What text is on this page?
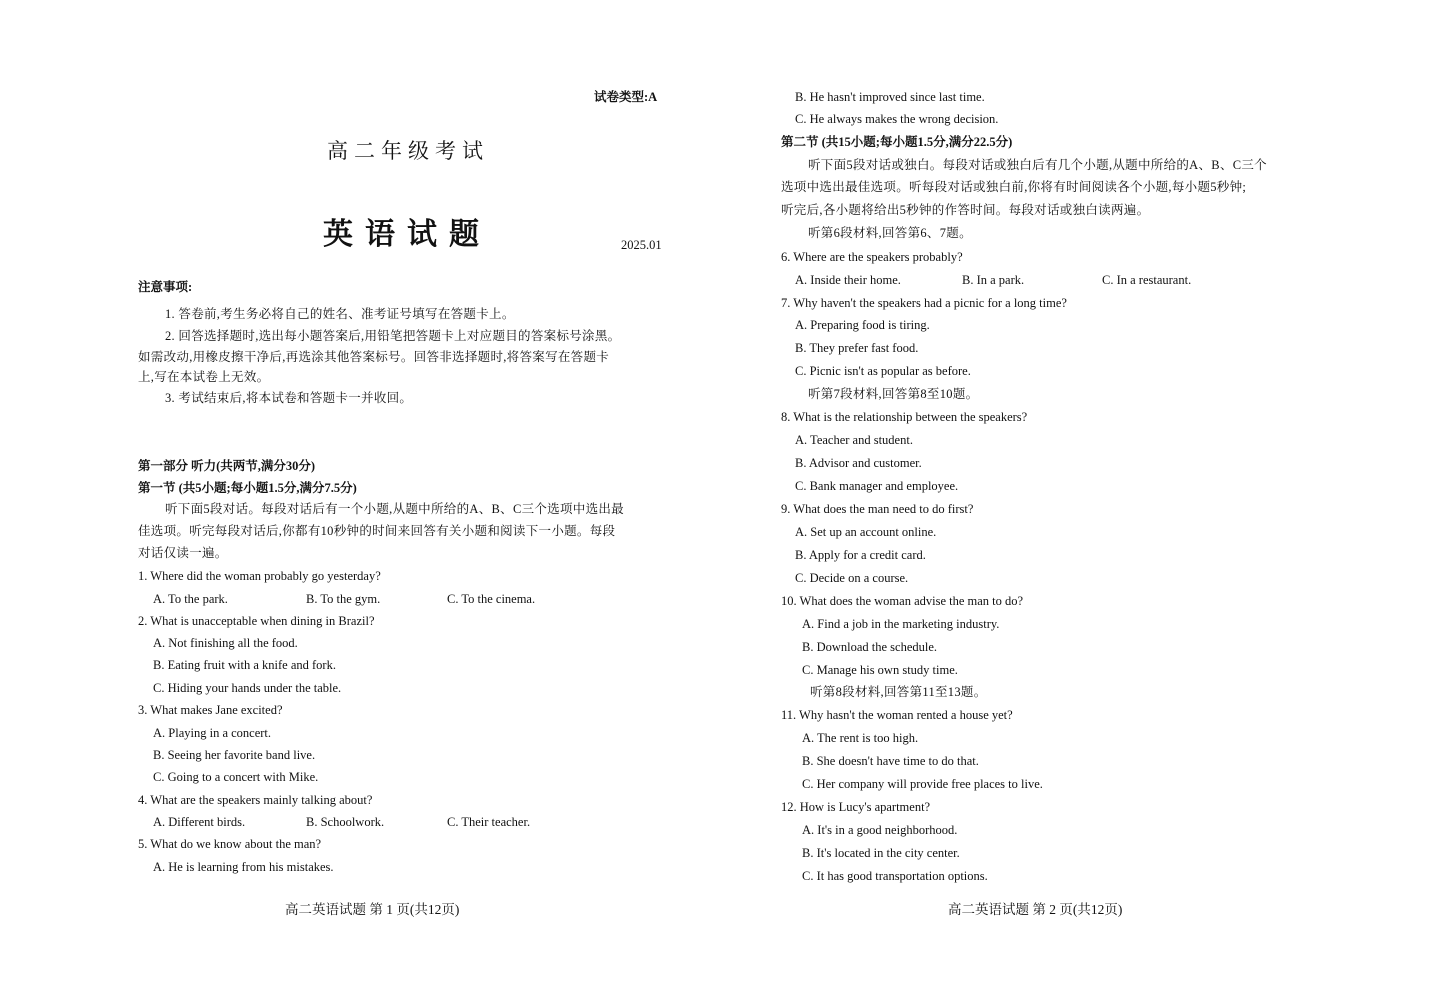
试卷类型:A
高二年级考试
英语试题	2025.01
注意事项:
1. 答卷前,考生务必将自己的姓名、准考证号填写在答题卡上。
2. 回答选择题时,选出每小题答案后,用铅笔把答题卡上对应题目的答案标号涂黑。
如需改动,用橡皮擦干净后,再选涂其他答案标号。回答非选择题时,将答案写在答题卡
上,写在本试卷上无效。
3. 考试结束后,将本试卷和答题卡一并收回。
第一部分 听力(共两节,满分30分)
第一节 (共5小题;每小题1.5分,满分7.5分)
听下面5段对话。每段对话后有一个小题,从题中所给的A、B、C三个选项中选出最
佳选项。听完每段对话后,你都有10秒钟的时间来回答有关小题和阅读下一小题。每段
对话仅读一遍。
1. Where did the woman probably go yesterday?
A. To the park.	B. To the gym.	C. To the cinema.
2. What is unacceptable when dining in Brazil?
A. Not finishing all the food.
B. Eating fruit with a knife and fork.
C. Hiding your hands under the table.
3. What makes Jane excited?
A. Playing in a concert.
B. Seeing her favorite band live.
C. Going to a concert with Mike.
4. What are the speakers mainly talking about?
A. Different birds.	B. Schoolwork.	C. Their teacher.
5. What do we know about the man?
A. He is learning from his mistakes.
高二英语试题 第 1 页(共12页)
B. He hasn't improved since last time.
C. He always makes the wrong decision.
第二节 (共15小题;每小题1.5分,满分22.5分)
听下面5段对话或独白。每段对话或独白后有几个小题,从题中所给的A、B、C三个
选项中选出最佳选项。听每段对话或独白前,你将有时间阅读各个小题,每小题5秒钟;
听完后,各小题将给出5秒钟的作答时间。每段对话或独白读两遍。
听第6段材料,回答第6、7题。
6. Where are the speakers probably?
A. Inside their home.	B. In a park.	C. In a restaurant.
7. Why haven't the speakers had a picnic for a long time?
A. Preparing food is tiring.
B. They prefer fast food.
C. Picnic isn't as popular as before.
听第7段材料,回答第8至10题。
8. What is the relationship between the speakers?
A. Teacher and student.
B. Advisor and customer.
C. Bank manager and employee.
9. What does the man need to do first?
A. Set up an account online.
B. Apply for a credit card.
C. Decide on a course.
10. What does the woman advise the man to do?
A. Find a job in the marketing industry.
B. Download the schedule.
C. Manage his own study time.
听第8段材料,回答第11至13题。
11. Why hasn't the woman rented a house yet?
A. The rent is too high.
B. She doesn't have time to do that.
C. Her company will provide free places to live.
12. How is Lucy's apartment?
A. It's in a good neighborhood.
B. It's located in the city center.
C. It has good transportation options.
高二英语试题 第 2 页(共12页)
